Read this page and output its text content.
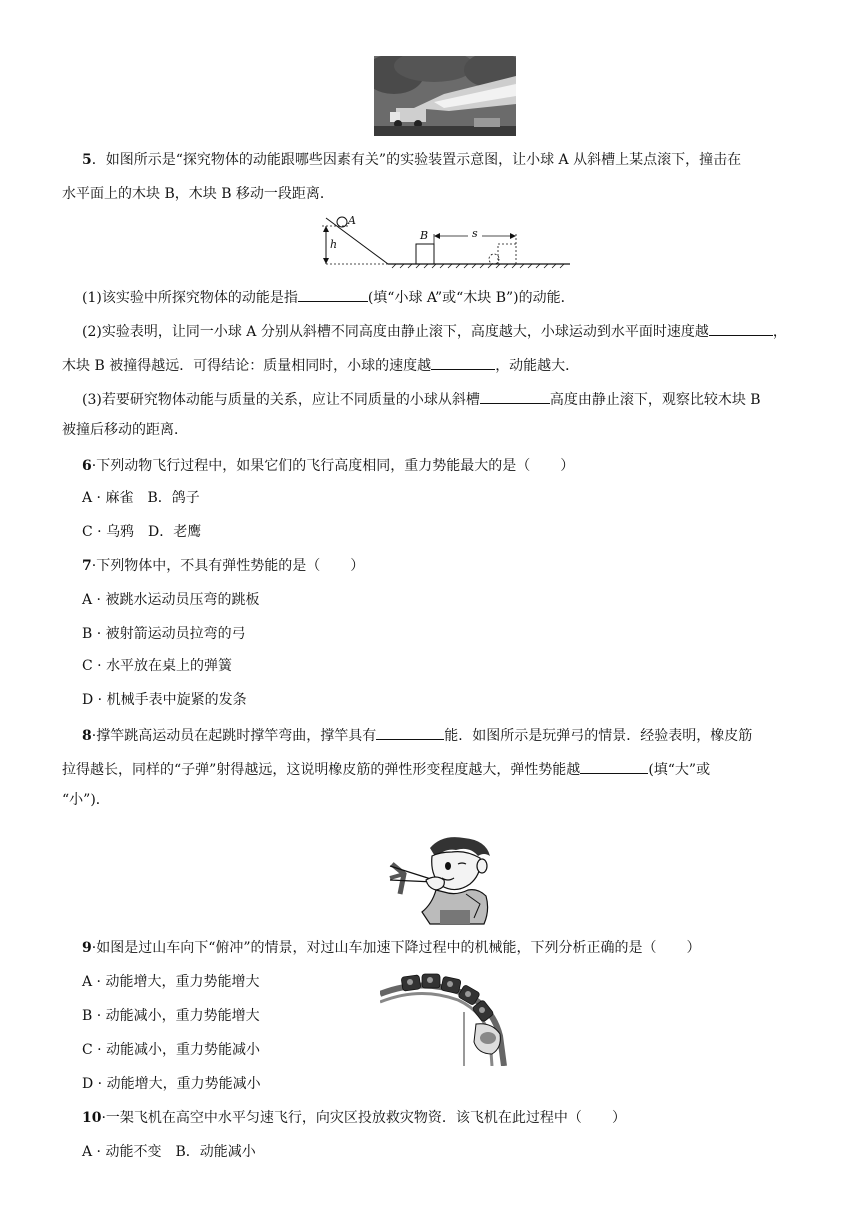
5．如图所示是“探究物体的动能跟哪些因素有关”的实验装置示意图，让小球 A 从斜槽上某点滚下，撞击在
水平面上的木块 B，木块 B 移动一段距离．
A
h
B	s
(1)该实验中所探究物体的动能是指	(填“小球 A”或“木块 B”)的动能．
(2)实验表明，让同一小球 A 分别从斜槽不同高度由静止滚下，高度越大，小球运动到水平面时速度越	，
木块 B 被撞得越远．可得结论：质量相同时，小球的速度越	，动能越大．
(3)若要研究物体动能与质量的关系，应让不同质量的小球从斜槽	高度由静止滚下，观察比较木块 B
被撞后移动的距离．
6·下列动物飞行过程中，如果它们的飞行高度相同，重力势能最大的是（ ）
A · 麻雀　B．鸽子
C · 乌鸦　D．老鹰
7·下列物体中，不具有弹性势能的是（ ）
A · 被跳水运动员压弯的跳板
B · 被射箭运动员拉弯的弓
C · 水平放在桌上的弹簧
D · 机械手表中旋紧的发条
8·撑竿跳高运动员在起跳时撑竿弯曲，撑竿具有	能．如图所示是玩弹弓的情景．经验表明，橡皮筋
拉得越长，同样的“子弹”射得越远，这说明橡皮筋的弹性形变程度越大，弹性势能越	(填“大”或
“小”)．
9·如图是过山车向下“俯冲”的情景，对过山车加速下降过程中的机械能，下列分析正确的是（ ）
A · 动能增大，重力势能增大
B · 动能减小，重力势能增大
C · 动能减小，重力势能减小
D · 动能增大，重力势能减小
10·一架飞机在高空中水平匀速飞行，向灾区投放救灾物资．该飞机在此过程中（ ）
A · 动能不变　B．动能减小
